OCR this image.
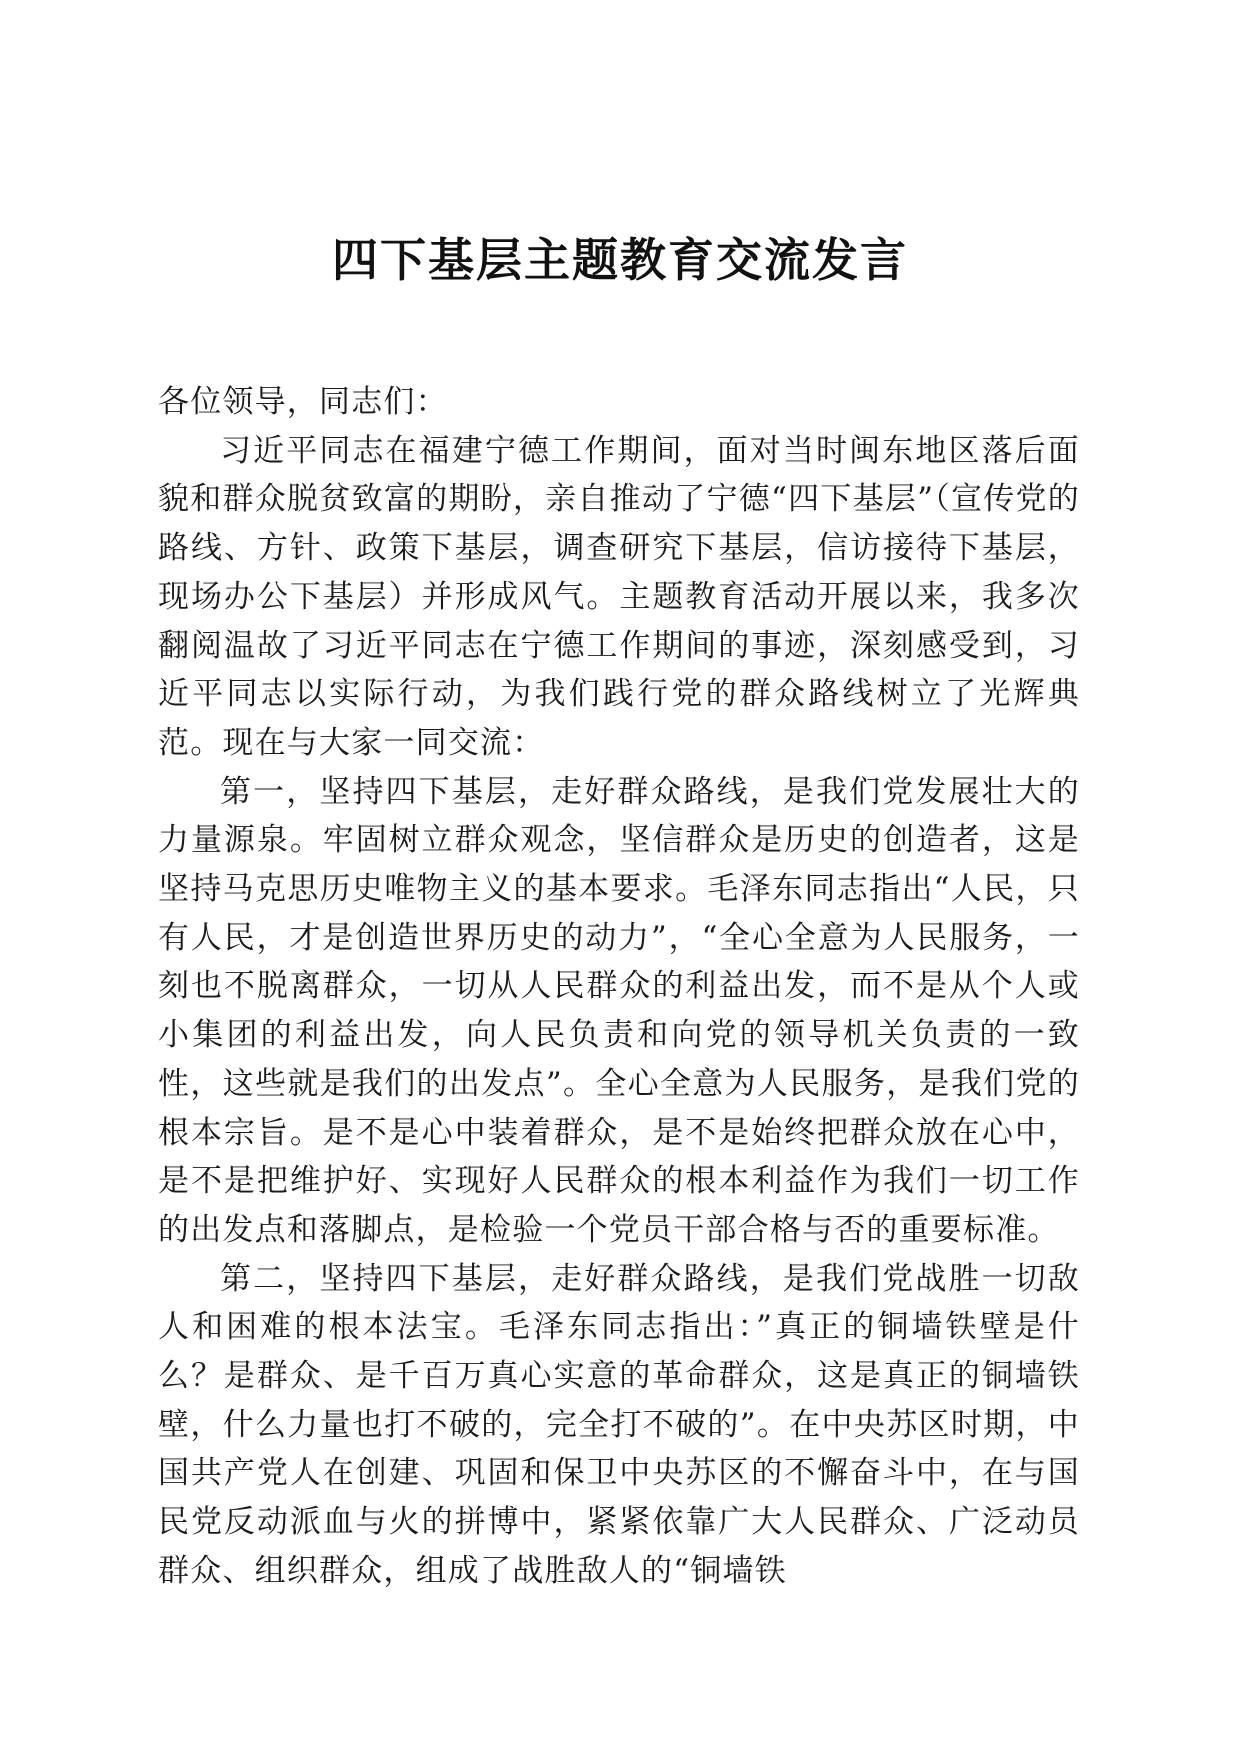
四下基层主题教育交流发言

各位领导，同志们：

习近平同志在福建宁德工作期间，面对当时闽东地区落后面貌和群众脱贫致富的期盼，亲自推动了宁德“四下基层”（宣传党的路线、方针、政策下基层，调查研究下基层，信访接待下基层，现场办公下基层）并形成风气。主题教育活动开展以来，我多次翻阅温故了习近平同志在宁德工作期间的事迹，深刻感受到，习近平同志以实际行动，为我们践行党的群众路线树立了光辉典范。现在与大家一同交流：

第一，坚持四下基层，走好群众路线，是我们党发展壮大的力量源泉。牢固树立群众观念，坚信群众是历史的创造者，这是坚持马克思历史唯物主义的基本要求。毛泽东同志指出“人民，只有人民，才是创造世界历史的动力”，“全心全意为人民服务，一刻也不脱离群众，一切从人民群众的利益出发，而不是从个人或小集团的利益出发，向人民负责和向党的领导机关负责的一致性，这些就是我们的出发点”。全心全意为人民服务，是我们党的根本宗旨。是不是心中装着群众，是不是始终把群众放在心中，是不是把维护好、实现好人民群众的根本利益作为我们一切工作的出发点和落脚点，是检验一个党员干部合格与否的重要标准。

第二，坚持四下基层，走好群众路线，是我们党战胜一切敌人和困难的根本法宝。毛泽东同志指出：”真正的铜墙铁壁是什么？是群众、是千百万真心实意的革命群众，这是真正的铜墙铁壁，什么力量也打不破的，完全打不破的”。在中央苏区时期，中国共产党人在创建、巩固和保卫中央苏区的不懈奋斗中，在与国民党反动派血与火的拼博中，紧紧依靠广大人民群众、广泛动员群众、组织群众，组成了战胜敌人的“铜墙铁
